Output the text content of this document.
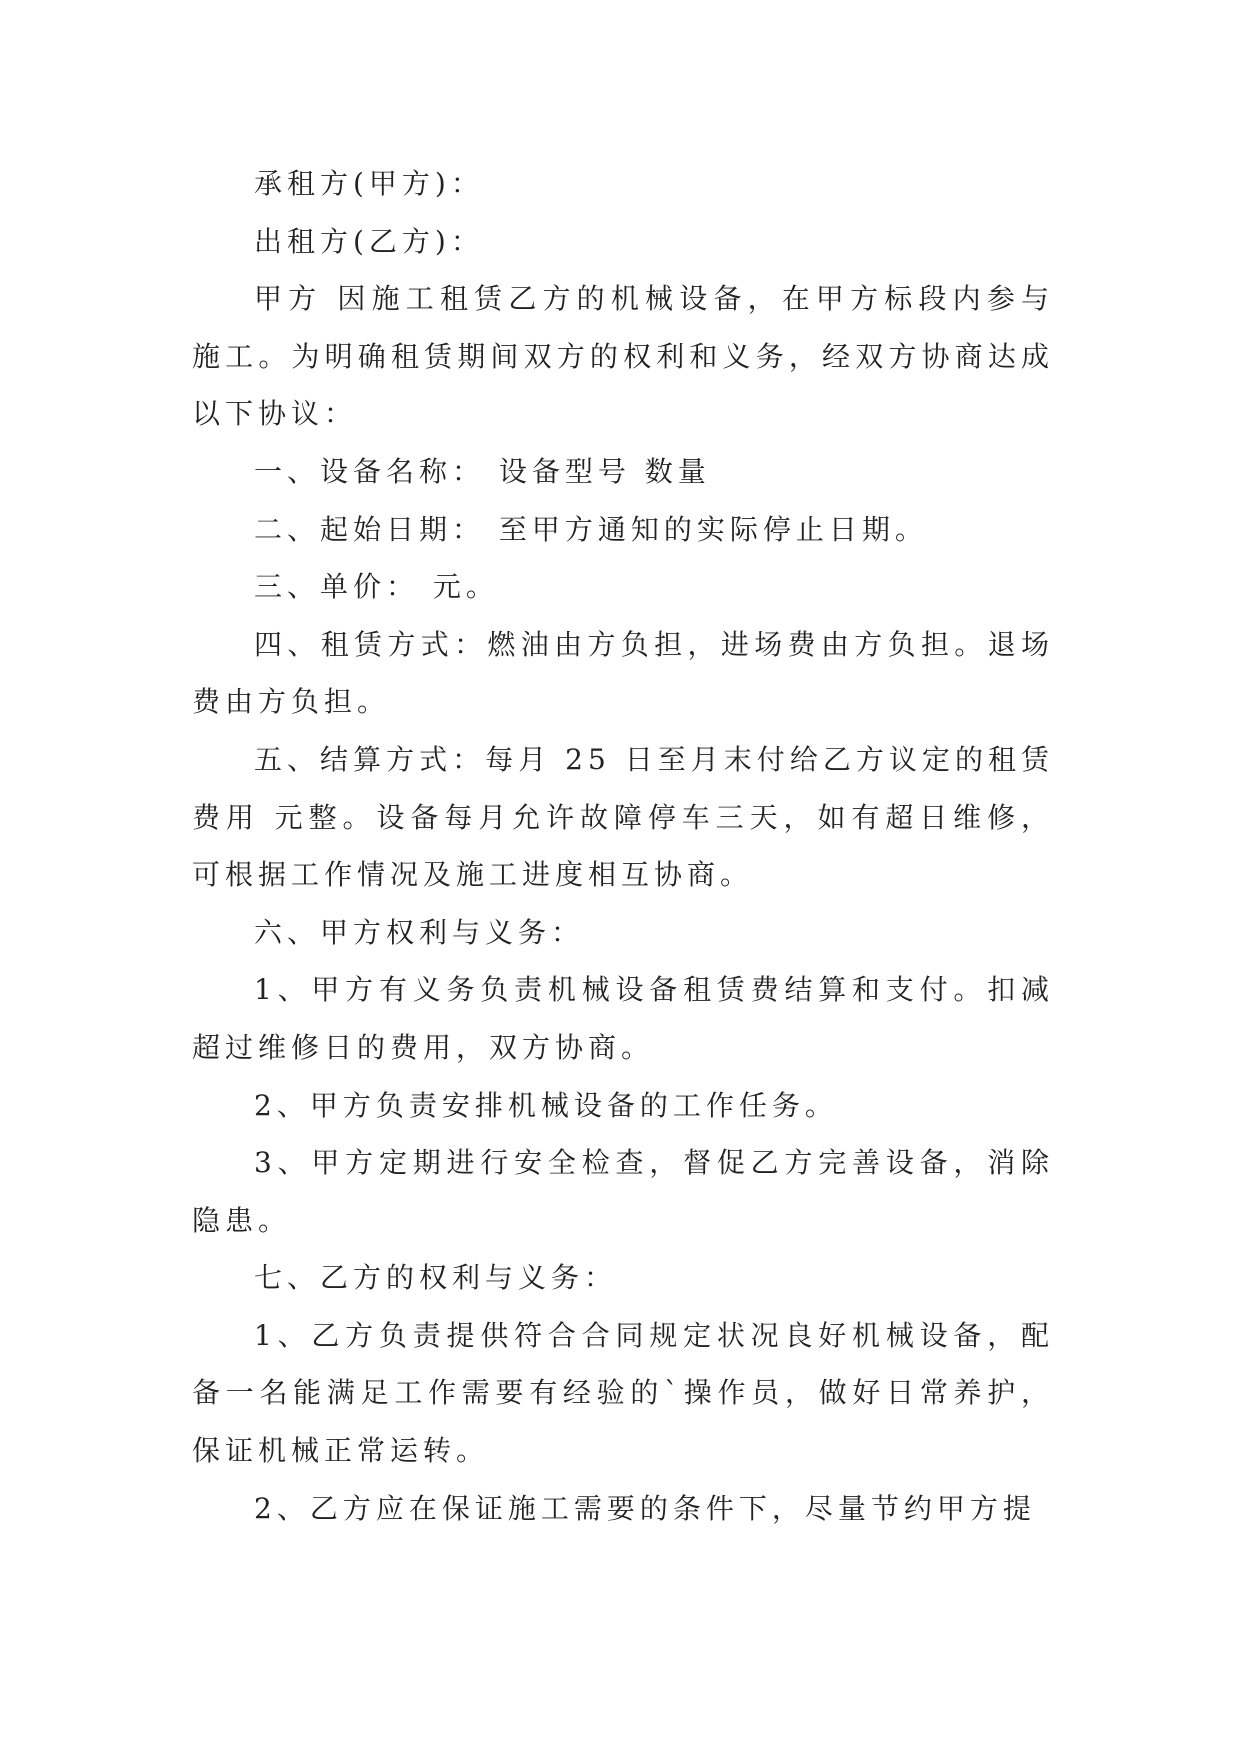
承租方(甲方)：
出租方(乙方)：
甲方 因施工租赁乙方的机械设备，在甲方标段内参与
施工。为明确租赁期间双方的权利和义务，经双方协商达成
以下协议：
一、设备名称： 设备型号 数量
二、起始日期： 至甲方通知的实际停止日期。
三、单价： 元。
四、租赁方式：燃油由方负担，进场费由方负担。退场
费由方负担。
五、结算方式：每月 25 日至月末付给乙方议定的租赁
费用 元整。设备每月允许故障停车三天，如有超日维修，
可根据工作情况及施工进度相互协商。
六、甲方权利与义务：
1、甲方有义务负责机械设备租赁费结算和支付。扣减
超过维修日的费用，双方协商。
2、甲方负责安排机械设备的工作任务。
3、甲方定期进行安全检查，督促乙方完善设备，消除
隐患。
七、乙方的权利与义务：
1、乙方负责提供符合合同规定状况良好机械设备，配
备一名能满足工作需要有经验的`操作员，做好日常养护，
保证机械正常运转。
2、乙方应在保证施工需要的条件下，尽量节约甲方提
